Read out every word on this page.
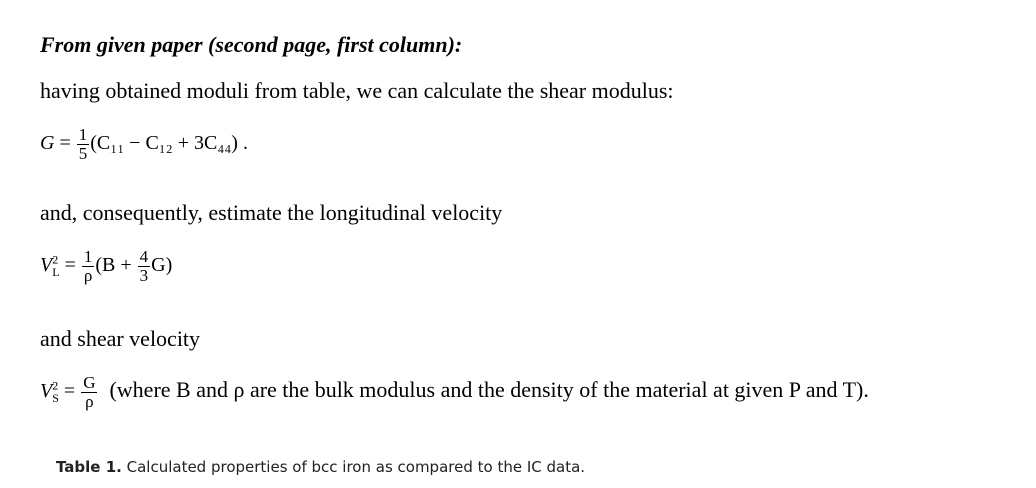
From given paper (second page, first column):
having obtained moduli from table, we can calculate the shear modulus:
$G = \frac{1}{5} (C_{11} - C_{12} + 3C_{44})$ .
and, consequently, estimate the longitudinal velocity
$V^2_L = \frac{1}{\rho} (B + \frac{4}{3} G)$
and shear velocity
$V^2_S = \frac{G}{\rho}$ (where B and ρ are the bulk modulus and the density of the material at given P and T).
Table 1. Calculated properties of bcc iron as compared to the IC data.
